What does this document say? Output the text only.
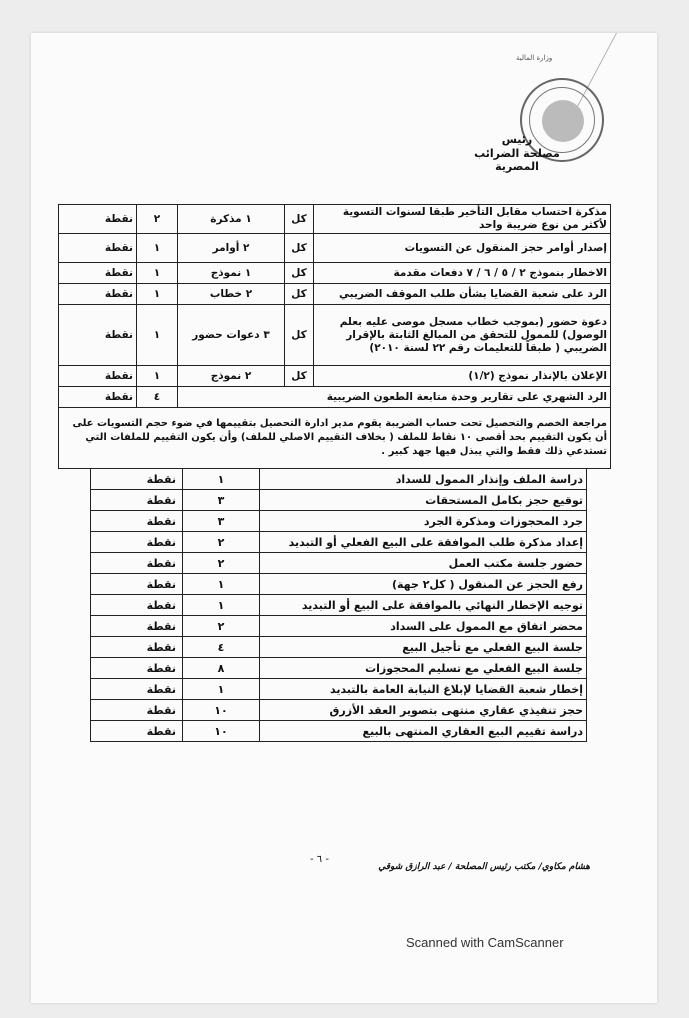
وزارة المالية
رئيس
مصلحة الضرائب المصرية
مذكرة احتساب مقابل التأخير طبقا لسنوات التسوية لأكثر من نوع ضريبة واحد	كل	١ مذكرة	٢	نقطة
إصدار أوامر حجز المنقول عن التسويات	كل	٢ أوامر	١	نقطة
الاخطار بنموذج ٢ / ٥ / ٦ / ٧ دفعات مقدمة	كل	١ نموذج	١	نقطة
الرد على شعبة القضايا بشأن طلب الموقف الضريبي	كل	٢ خطاب	١	نقطة
دعوة حضور (بموجب خطاب مسجل موصى عليه بعلم الوصول) للممول للتحقق من المبالغ الثابتة بالإقرار الضريبي ( طبقاً للتعليمات رقم ٢٢ لسنة ٢٠١٠)	كل	٣ دعوات حضور	١	نقطة
الإعلان بالإنذار نموذج (١/٢)	كل	٢ نموذج	١	نقطة
الرد الشهري على تقارير وحدة متابعة الطعون الضريبية			٤	نقطة
مراجعة الخصم والتحصيل تحت حساب الضريبة يقوم مدير ادارة التحصيل بتقييمها في ضوء حجم التسويات على أن يكون التقييم بحد أقصى ١٠ نقاط للملف ( بخلاف التقييم الاصلي للملف) وأن يكون التقييم للملفات التي تستدعي ذلك فقط والتي يبذل فيها جهد كبير .				
دراسة الملف وإنذار الممول للسداد	١	نقطة
توقيع حجز بكامل المستحقات	٣	نقطة
جرد المحجوزات ومذكرة الجرد	٣	نقطة
إعداد مذكرة طلب الموافقة على البيع الفعلي أو التبديد	٢	نقطة
حضور جلسة مكتب العمل	٢	نقطة
رفع الحجز عن المنقول ( كل٢ جهة)	١	نقطة
توجيه الإخطار النهائي بالموافقة على البيع أو التبديد	١	نقطة
محضر اتفاق مع الممول على السداد	٢	نقطة
جلسة البيع الفعلي مع تأجيل البيع	٤	نقطة
جلسة البيع الفعلي مع تسليم المحجوزات	٨	نقطة
إخطار شعبة القضايا لإبلاغ النيابة العامة بالتبديد	١	نقطة
حجز تنفيذي عقاري منتهى بتصوير العقد الأزرق	١٠	نقطة
دراسة تقييم البيع العقاري المنتهى بالبيع	١٠	نقطة
- ٦ -
هشام مكاوي/ مكتب رئيس المصلحة / عبد الرازق شوقي
Scanned with CamScanner
